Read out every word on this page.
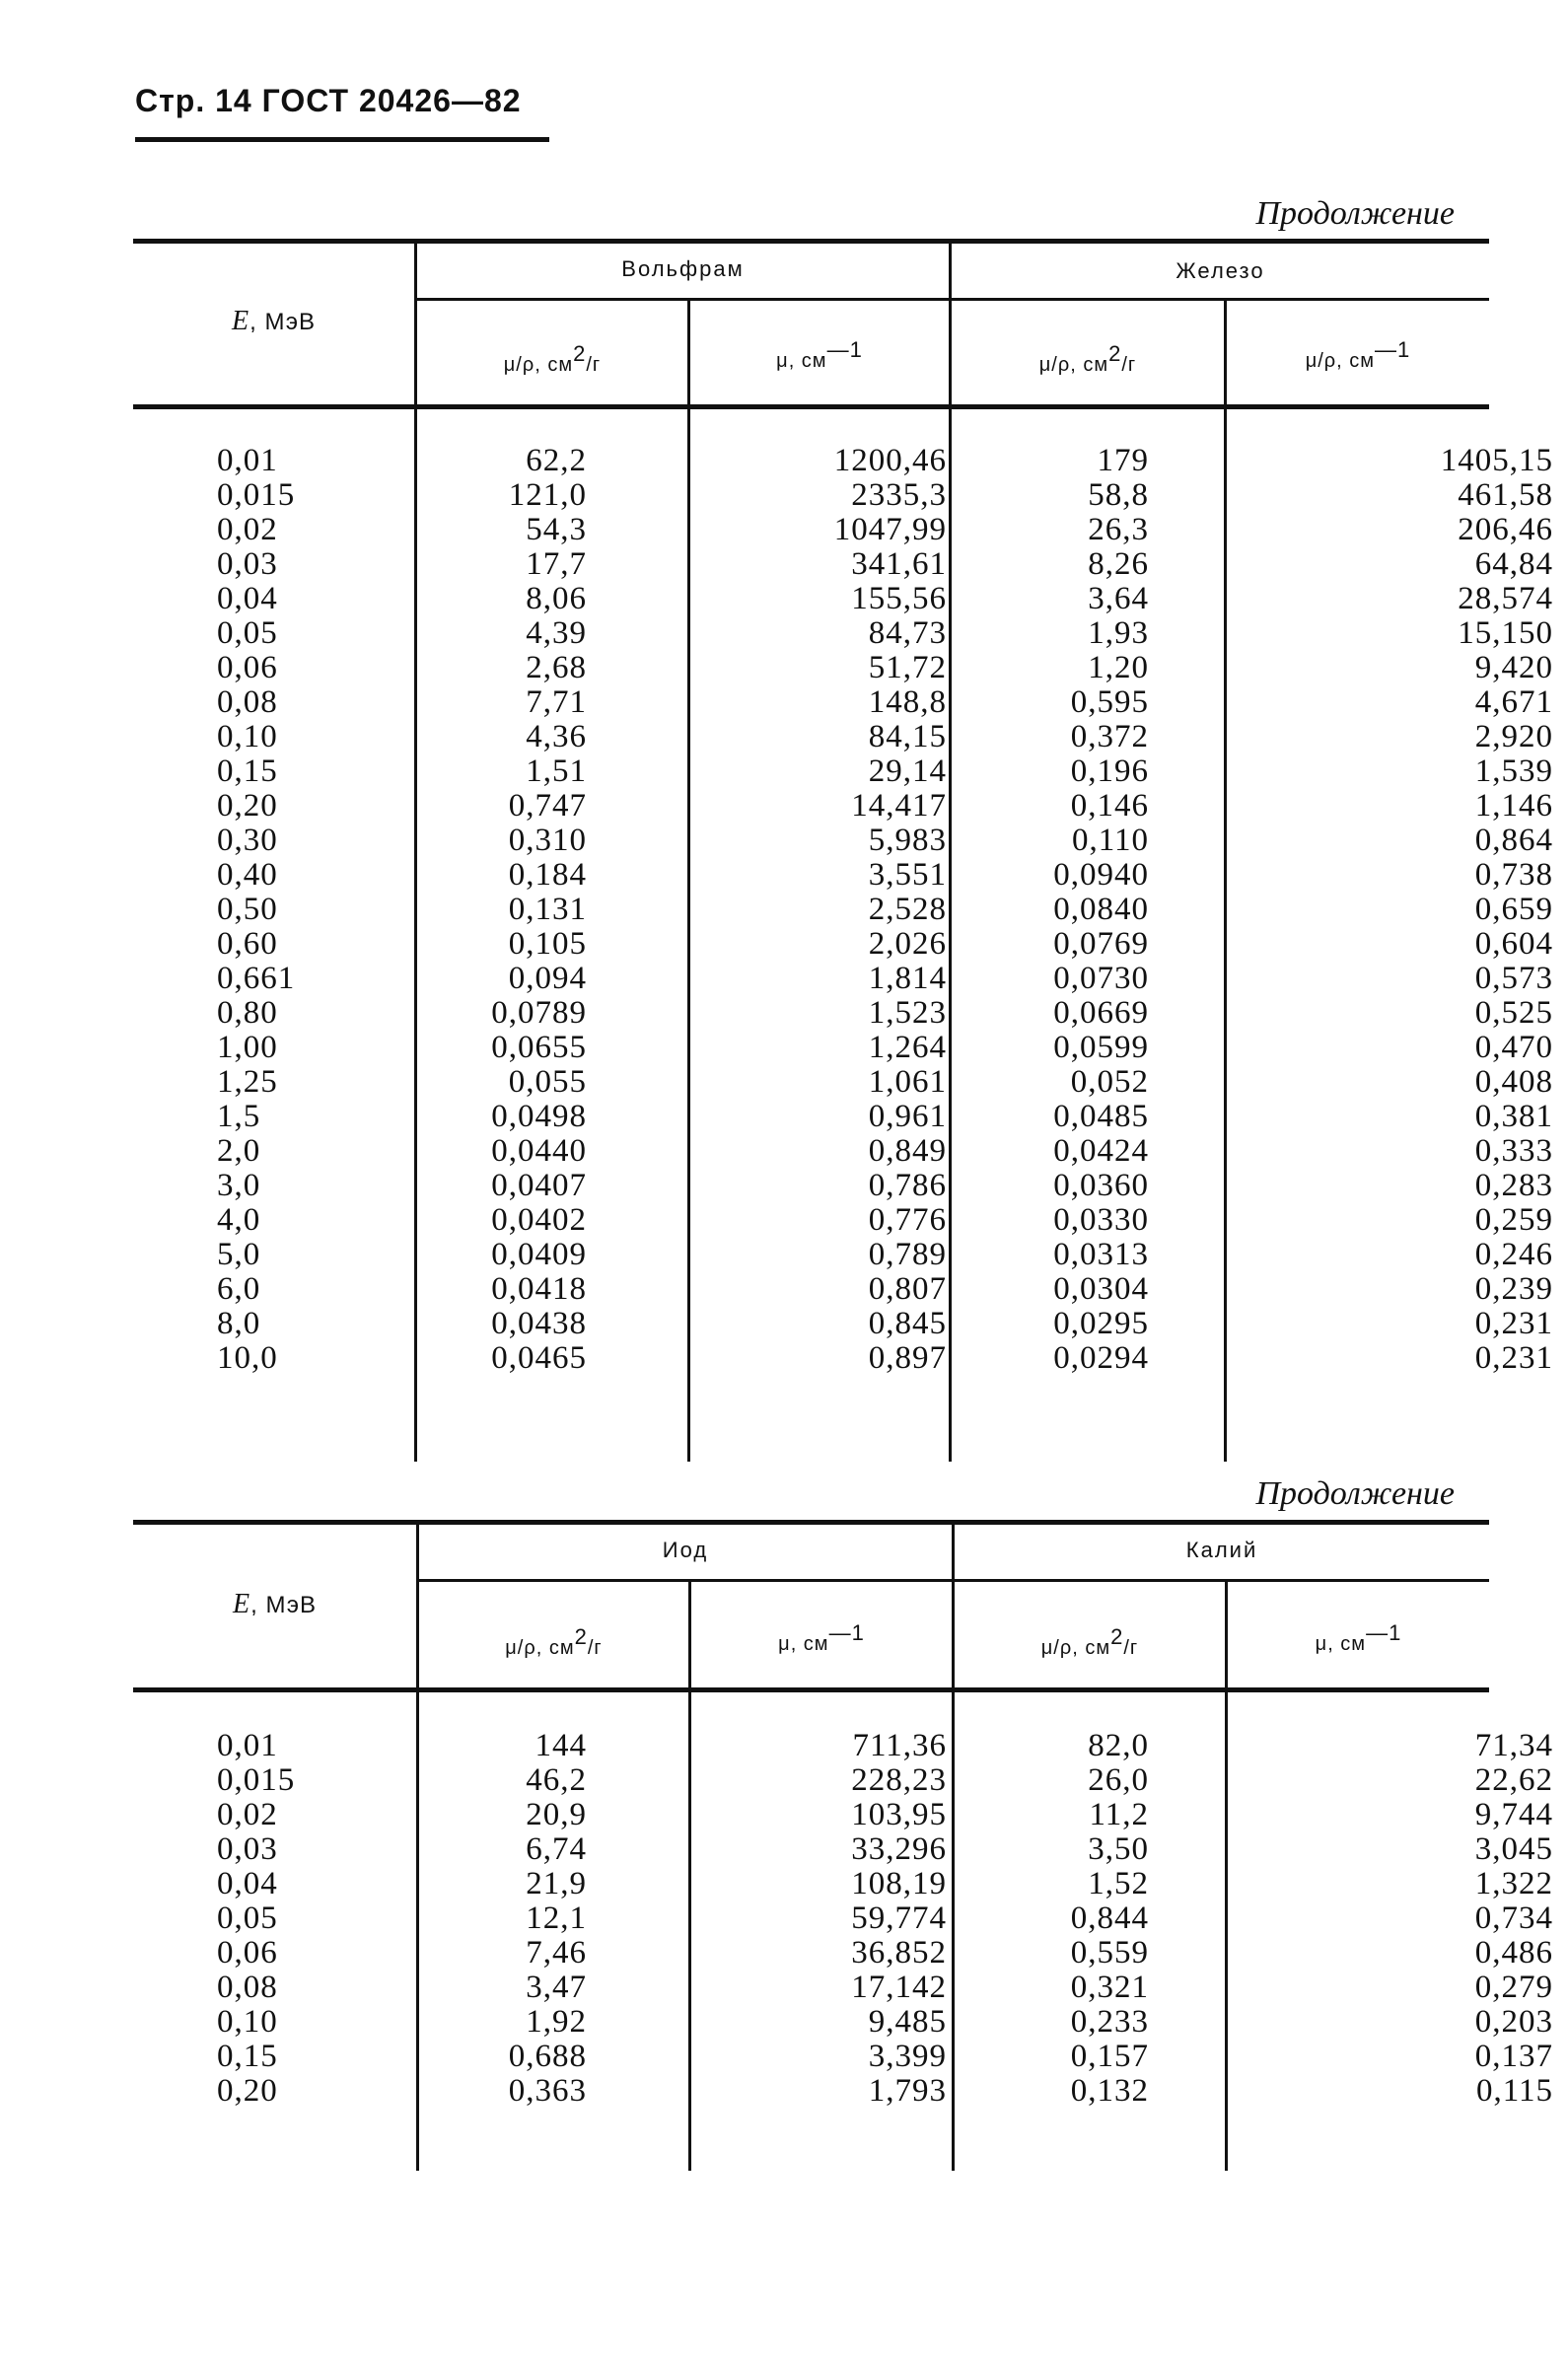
Стр. 14 ГОСТ 20426—82
Продолжение
E, МэВ
Вольфрам	Железо
μ/ρ, $см^2/г$	μ, $см^{—1}$
μ/ρ, $см^2/г$	μ/ρ, $см^{—1}$
0,01	62,2	1200,46	179	1405,15
0,015	121,0	2335,3	58,8	461,58
0,02	54,3	1047,99	26,3	206,46
0,03	17,7	341,61	8,26	64,84
0,04	8,06	155,56	3,64	28,574
0,05	4,39	84,73	1,93	15,150
0,06	2,68	51,72	1,20	9,420
0,08	7,71	148,8	0,595	4,671
0,10	4,36	84,15	0,372	2,920
0,15	1,51	29,14	0,196	1,539
0,20	0,747	14,417	0,146	1,146
0,30	0,310	5,983	0,110	0,864
0,40	0,184	3,551	0,0940	0,738
0,50	0,131	2,528	0,0840	0,659
0,60	0,105	2,026	0,0769	0,604
0,661	0,094	1,814	0,0730	0,573
0,80	0,0789	1,523	0,0669	0,525
1,00	0,0655	1,264	0,0599	0,470
1,25	0,055	1,061	0,052	0,408
1,5	0,0498	0,961	0,0485	0,381
2,0	0,0440	0,849	0,0424	0,333
3,0	0,0407	0,786	0,0360	0,283
4,0	0,0402	0,776	0,0330	0,259
5,0	0,0409	0,789	0,0313	0,246
6,0	0,0418	0,807	0,0304	0,239
8,0	0,0438	0,845	0,0295	0,231
10,0	0,0465	0,897	0,0294	0,231
Продолжение
E, МэВ
Иод	Калий
μ/ρ, $см^2/г$	μ, $см^{—1}$
μ/ρ, $см^2/г$	μ, $см^{—1}$
0,01	144	711,36	82,0	71,34
0,015	46,2	228,23	26,0	22,62
0,02	20,9	103,95	11,2	9,744
0,03	6,74	33,296	3,50	3,045
0,04	21,9	108,19	1,52	1,322
0,05	12,1	59,774	0,844	0,734
0,06	7,46	36,852	0,559	0,486
0,08	3,47	17,142	0,321	0,279
0,10	1,92	9,485	0,233	0,203
0,15	0,688	3,399	0,157	0,137
0,20	0,363	1,793	0,132	0,115
